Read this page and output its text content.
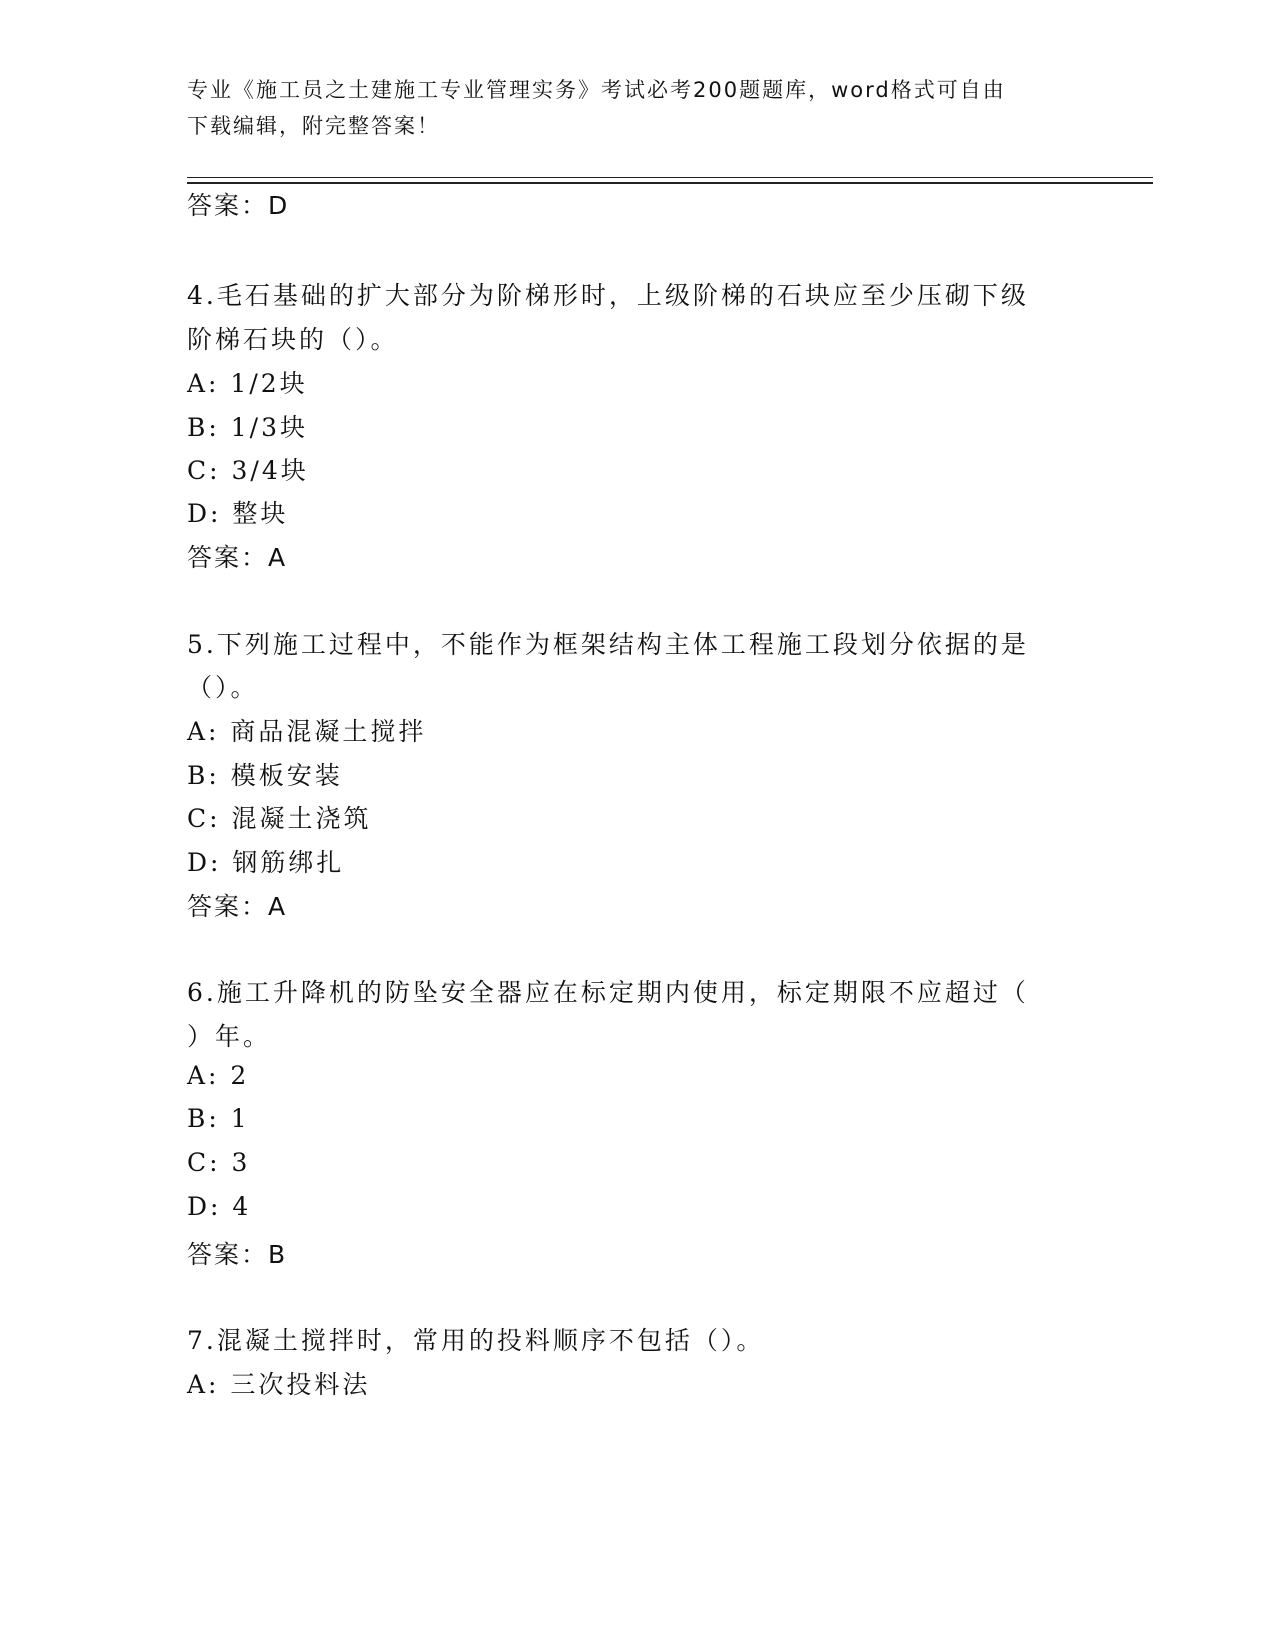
专业《施工员之土建施工专业管理实务》考试必考200题题库，word格式可自由

下载编辑，附完整答案！

答案：D
4.毛石基础的扩大部分为阶梯形时，上级阶梯的石块应至少压砌下级
阶梯石块的（）。
A: 1/2块
B: 1/3块
C: 3/4块
D: 整块
答案：A
5.下列施工过程中，不能作为框架结构主体工程施工段划分依据的是
（）。
A: 商品混凝土搅拌
B: 模板安装
C: 混凝土浇筑
D: 钢筋绑扎
答案：A
6.施工升降机的防坠安全器应在标定期内使用，标定期限不应超过（
）年。
A: 2
B: 1
C: 3
D: 4
答案：B
7.混凝土搅拌时，常用的投料顺序不包括（）。
A: 三次投料法
